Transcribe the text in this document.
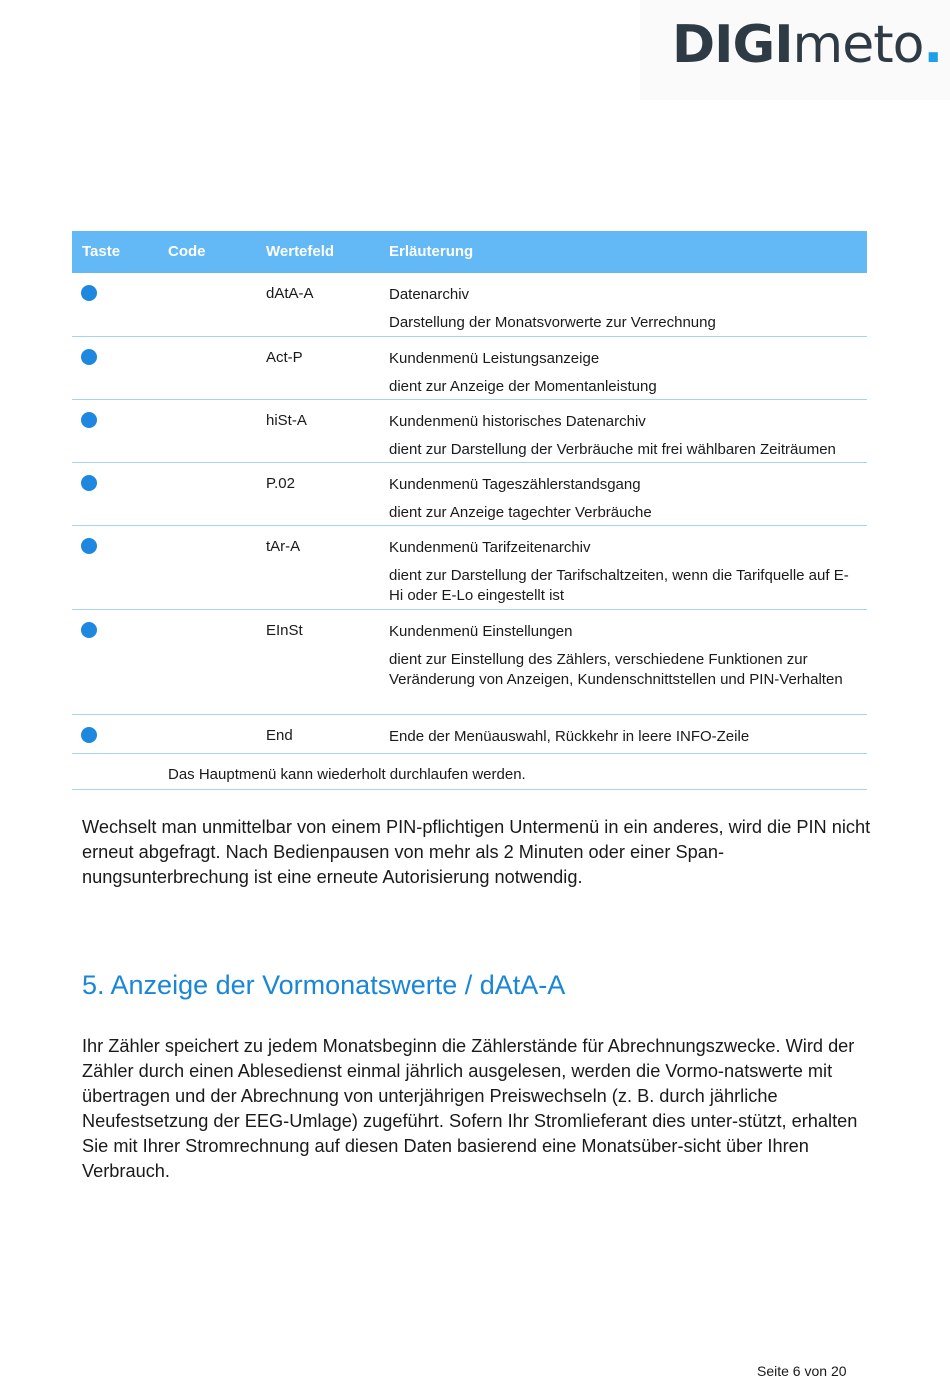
DIGImeto.
Taste	Code	Wertefeld	Erläuterung
dAtA-A	Datenarchiv
Darstellung der Monatsvorwerte zur Verrechnung
Act-P	Kundenmenü Leistungsanzeige
dient zur Anzeige der Momentanleistung
hiSt-A	Kundenmenü historisches Datenarchiv
dient zur Darstellung der Verbräuche mit frei wählbaren Zeiträumen
P.02	Kundenmenü Tageszählerstandsgang
dient zur Anzeige tagechter Verbräuche
tAr-A	Kundenmenü Tarifzeitenarchiv
dient zur Darstellung der Tarifschaltzeiten, wenn die Tarifquelle auf E-Hi oder E-Lo eingestellt ist
EInSt	Kundenmenü Einstellungen
dient zur Einstellung des Zählers, verschiedene Funktionen zur Veränderung von Anzeigen, Kundenschnittstellen und PIN-Verhalten
End	Ende der Menüauswahl, Rückkehr in leere INFO-Zeile
Das Hauptmenü kann wiederholt durchlaufen werden.
Wechselt man unmittelbar von einem PIN-pflichtigen Untermenü in ein anderes, wird die PIN nicht erneut abgefragt. Nach Bedienpausen von mehr als 2 Minuten oder einer Span-nungsunterbrechung ist eine erneute Autorisierung notwendig.
5. Anzeige der Vormonatswerte / dAtA-A
Ihr Zähler speichert zu jedem Monatsbeginn die Zählerstände für Abrechnungszwecke. Wird der Zähler durch einen Ablesedienst einmal jährlich ausgelesen, werden die Vormo-natswerte mit übertragen und der Abrechnung von unterjährigen Preiswechseln (z. B. durch jährliche Neufestsetzung der EEG-Umlage) zugeführt. Sofern Ihr Stromlieferant dies unter-stützt, erhalten Sie mit Ihrer Stromrechnung auf diesen Daten basierend eine Monatsüber-sicht über Ihren Verbrauch.
Seite 6 von 20
